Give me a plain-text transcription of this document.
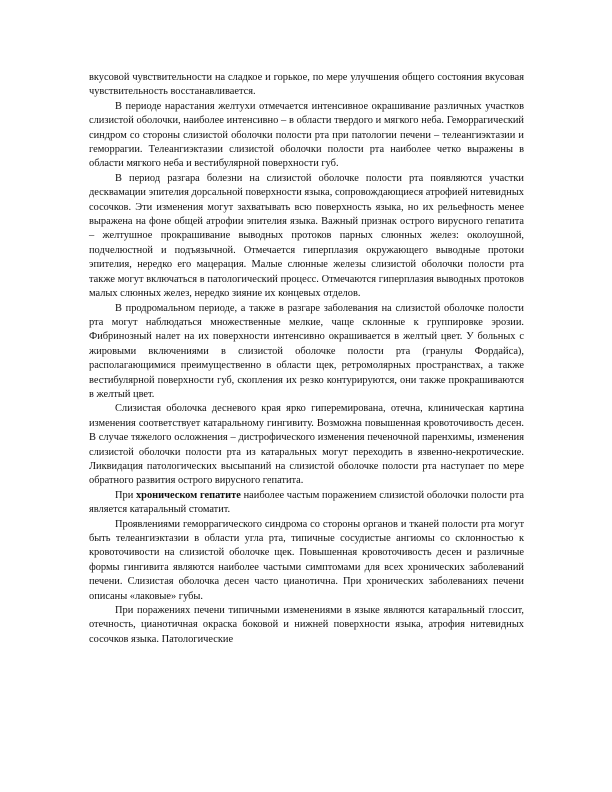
вкусовой чувствительности на сладкое и горькое, по мере улучшения общего состояния вкусовая чувствительность восстанавливается.

В периоде нарастания желтухи отмечается интенсивное окрашивание различных участков слизистой оболочки, наиболее интенсивно – в области твердого и мягкого неба. Геморрагический синдром со стороны слизистой оболочки полости рта при патологии печени – телеангиэктазии и геморрагии. Телеангиэктазии слизистой оболочки полости рта наиболее четко выражены в области мягкого неба и вестибулярной поверхности губ.

В период разгара болезни на слизистой оболочке полости рта появляются участки десквамации эпителия дорсальной поверхности языка, сопровождающиеся атрофией нитевидных сосочков. Эти изменения могут захватывать всю поверхность языка, но их рельефность менее выражена на фоне общей атрофии эпителия языка. Важный признак острого вирусного гепатита – желтушное прокрашивание выводных протоков парных слюнных желез: околоушной, подчелюстной и подъязычной. Отмечается гиперплазия окружающего выводные протоки эпителия, нередко его мацерация. Малые слюнные железы слизистой оболочки полости рта также могут включаться в патологический процесс. Отмечаются гиперплазия выводных протоков малых слюнных желез, нередко зияние их концевых отделов.

В продромальном периоде, а также в разгаре заболевания на слизистой оболочке полости рта могут наблюдаться множественные мелкие, чаще склонные к группировке эрозии. Фибринозный налет на их поверхности интенсивно окрашивается в желтый цвет. У больных с жировыми включениями в слизистой оболочке полости рта (гранулы Фордайса), располагающимися преимущественно в области щек, ретромолярных пространствах, а также вестибулярной поверхности губ, скопления их резко контурируются, они также прокрашиваются в желтый цвет.

Слизистая оболочка десневого края ярко гиперемирована, отечна, клиническая картина изменения соответствует катаральному гингивиту. Возможна повышенная кровоточивость десен. В случае тяжелого осложнения – дистрофического изменения печеночной паренхимы, изменения слизистой оболочки полости рта из катаральных могут переходить в язвенно-некротические. Ликвидация патологических высыпаний на слизистой оболочке полости рта наступает по мере обратного развития острого вирусного гепатита.

При хроническом гепатите наиболее частым поражением слизистой оболочки полости рта является катаральный стоматит.

Проявлениями геморрагического синдрома со стороны органов и тканей полости рта могут быть телеангиэктазии в области угла рта, типичные сосудистые ангиомы со склонностью к кровоточивости на слизистой оболочке щек. Повышенная кровоточивость десен и различные формы гингивита являются наиболее частыми симптомами для всех хронических заболеваний печени. Слизистая оболочка десен часто цианотична. При хронических заболеваниях печени описаны «лаковые» губы.

При поражениях печени типичными изменениями в языке являются катаральный глоссит, отечность, цианотичная окраска боковой и нижней поверхности языка, атрофия нитевидных сосочков языка. Патологические
